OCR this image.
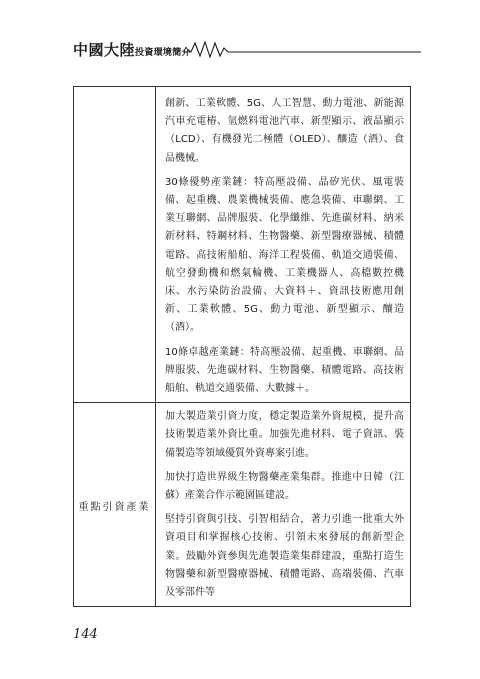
中國大陸投資環境簡介

	創新、工業軟體、5G、人工智慧、動力電池、新能源汽車充電樁、氫燃料電池汽車、新型顯示、液晶顯示（LCD）、有機發光二極體（OLED）、釀造（酒）、食品機械。

30條優勢產業鏈：特高壓設備、晶矽光伏、風電裝備、起重機、農業機械裝備、應急裝備、車聯網、工業互聯網、品牌服裝、化學纖維、先進碳材料、納米新材料、特鋼材料、生物醫藥、新型醫療器械、積體電路、高技術船舶、海洋工程裝備、軌道交通裝備、航空發動機和燃氣輪機、工業機器人、高檔數控機床、水污染防治設備、大資料＋、資訊技術應用創新、工業軟體、5G、動力電池、新型顯示、釀造（酒）。

10條卓越產業鏈：特高壓設備、起重機、車聯網、品牌服裝、先進碳材料、生物醫藥、積體電路、高技術船舶、軌道交通裝備、大數據＋。

重點引資產業	加大製造業引資力度，穩定製造業外資規模，提升高技術製造業外資比重。加強先進材料、電子資訊、裝備製造等領域優質外資專案引進。

加快打造世界級生物醫藥產業集群。推進中日韓（江蘇）產業合作示範園區建設。

堅持引資與引技、引智相結合，著力引進一批重大外資項目和掌握核心技術、引領未來發展的創新型企業。鼓勵外資參與先進製造業集群建設，重點打造生物醫藥和新型醫療器械、積體電路、高端裝備、汽車及零部件等

144
